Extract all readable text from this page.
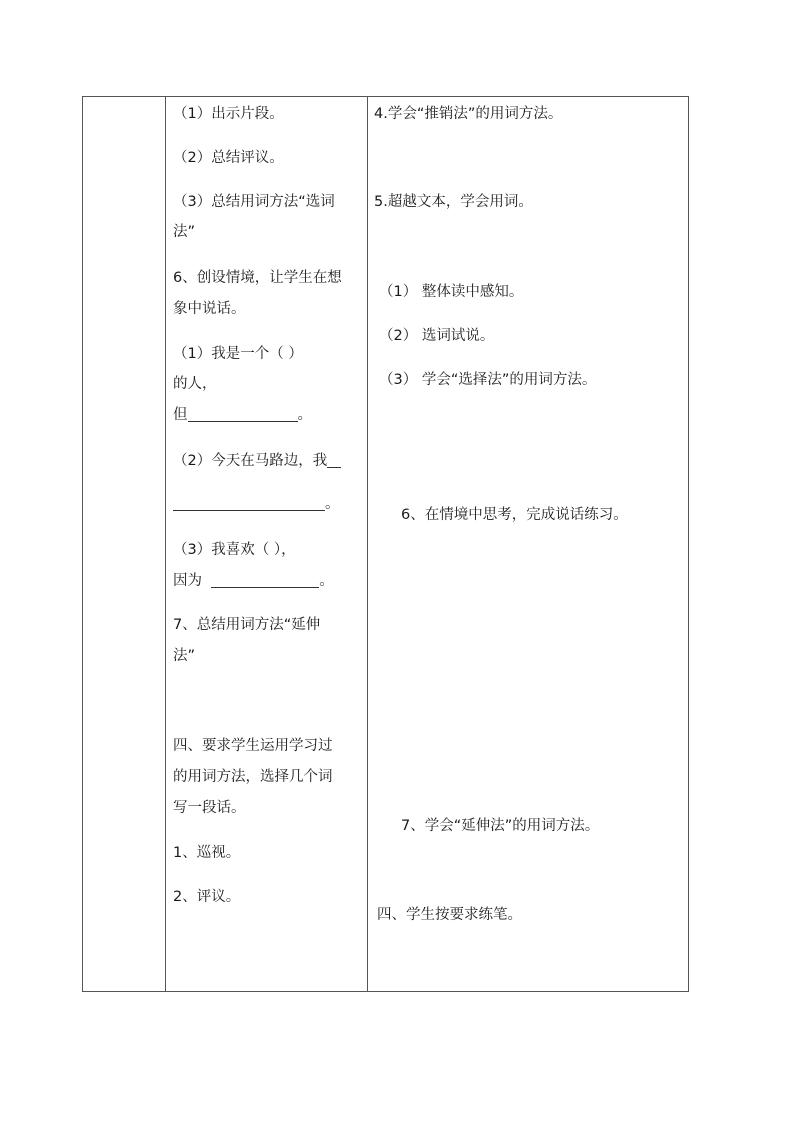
（1）出示片段。
（2）总结评议。
（3）总结用词方法“选词
法”
6、创设情境，让学生在想
象中说话。
（1）我是一个（ ）
的人，
但	。
（2）今天在马路边，我
。
（3）我喜欢（ ），
因为	。
7、总结用词方法“延伸
法”
四、要求学生运用学习过
的用词方法，选择几个词
写一段话。
1、巡视。
2、评议。
4.学会“推销法”的用词方法。
5.超越文本，学会用词。
（1） 整体读中感知。
（2） 选词试说。
（3） 学会“选择法”的用词方法。
6、在情境中思考，完成说话练习。
7、学会“延伸法”的用词方法。
四、学生按要求练笔。
